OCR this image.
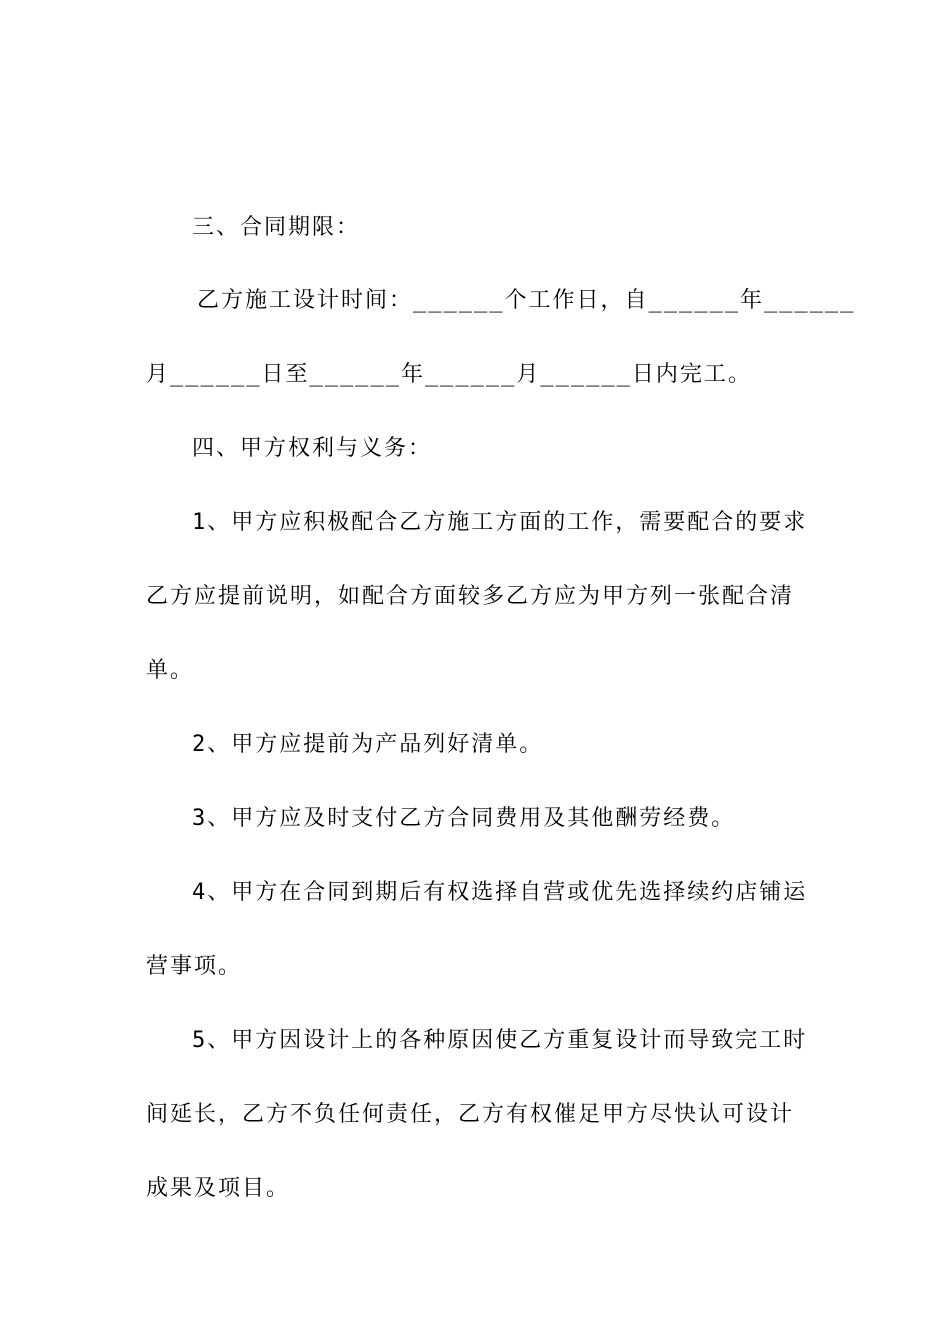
三、合同期限：
乙方施工设计时间：______个工作日，自______年______
月______日至______年______月______日内完工。
四、甲方权利与义务：
1、甲方应积极配合乙方施工方面的工作，需要配合的要求
乙方应提前说明，如配合方面较多乙方应为甲方列一张配合清
单。
2、甲方应提前为产品列好清单。
3、甲方应及时支付乙方合同费用及其他酬劳经费。
4、甲方在合同到期后有权选择自营或优先选择续约店铺运
营事项。
5、甲方因设计上的各种原因使乙方重复设计而导致完工时
间延长，乙方不负任何责任，乙方有权催足甲方尽快认可设计
成果及项目。
